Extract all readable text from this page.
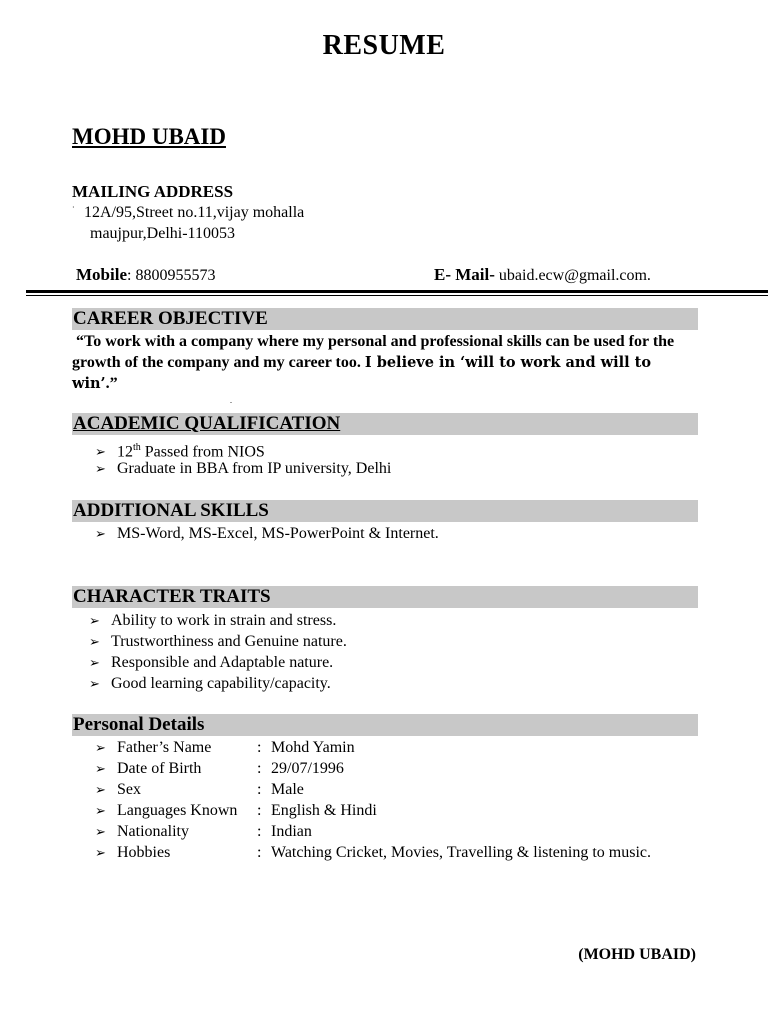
RESUME
MOHD UBAID
MAILING ADDRESS
· 12A/95,Street no.11,vijay mohalla
maujpur,Delhi-110053
Mobile: 8800955573	E- Mail- ubaid.ecw@gmail.com.
CAREER OBJECTIVE
“To work with a company where my personal and professional skills can be used for the growth of the company and my career too. I believe in ‘will to work and will to win’.”
.
ACADEMIC QUALIFICATION
➢ 12th Passed from NIOS
➢ Graduate in BBA from IP university, Delhi
ADDITIONAL SKILLS
➢ MS-Word, MS-Excel, MS-PowerPoint & Internet.
CHARACTER TRAITS
➢ Ability to work in strain and stress.
➢ Trustworthiness and Genuine nature.
➢ Responsible and Adaptable nature.
➢ Good learning capability/capacity.
Personal Details
➢ Father’s Name	: Mohd Yamin
➢ Date of Birth	: 29/07/1996
➢ Sex	: Male
➢ Languages Known : English & Hindi
➢ Nationality	: Indian
➢ Hobbies	: Watching Cricket, Movies, Travelling & listening to music.
(MOHD UBAID)
